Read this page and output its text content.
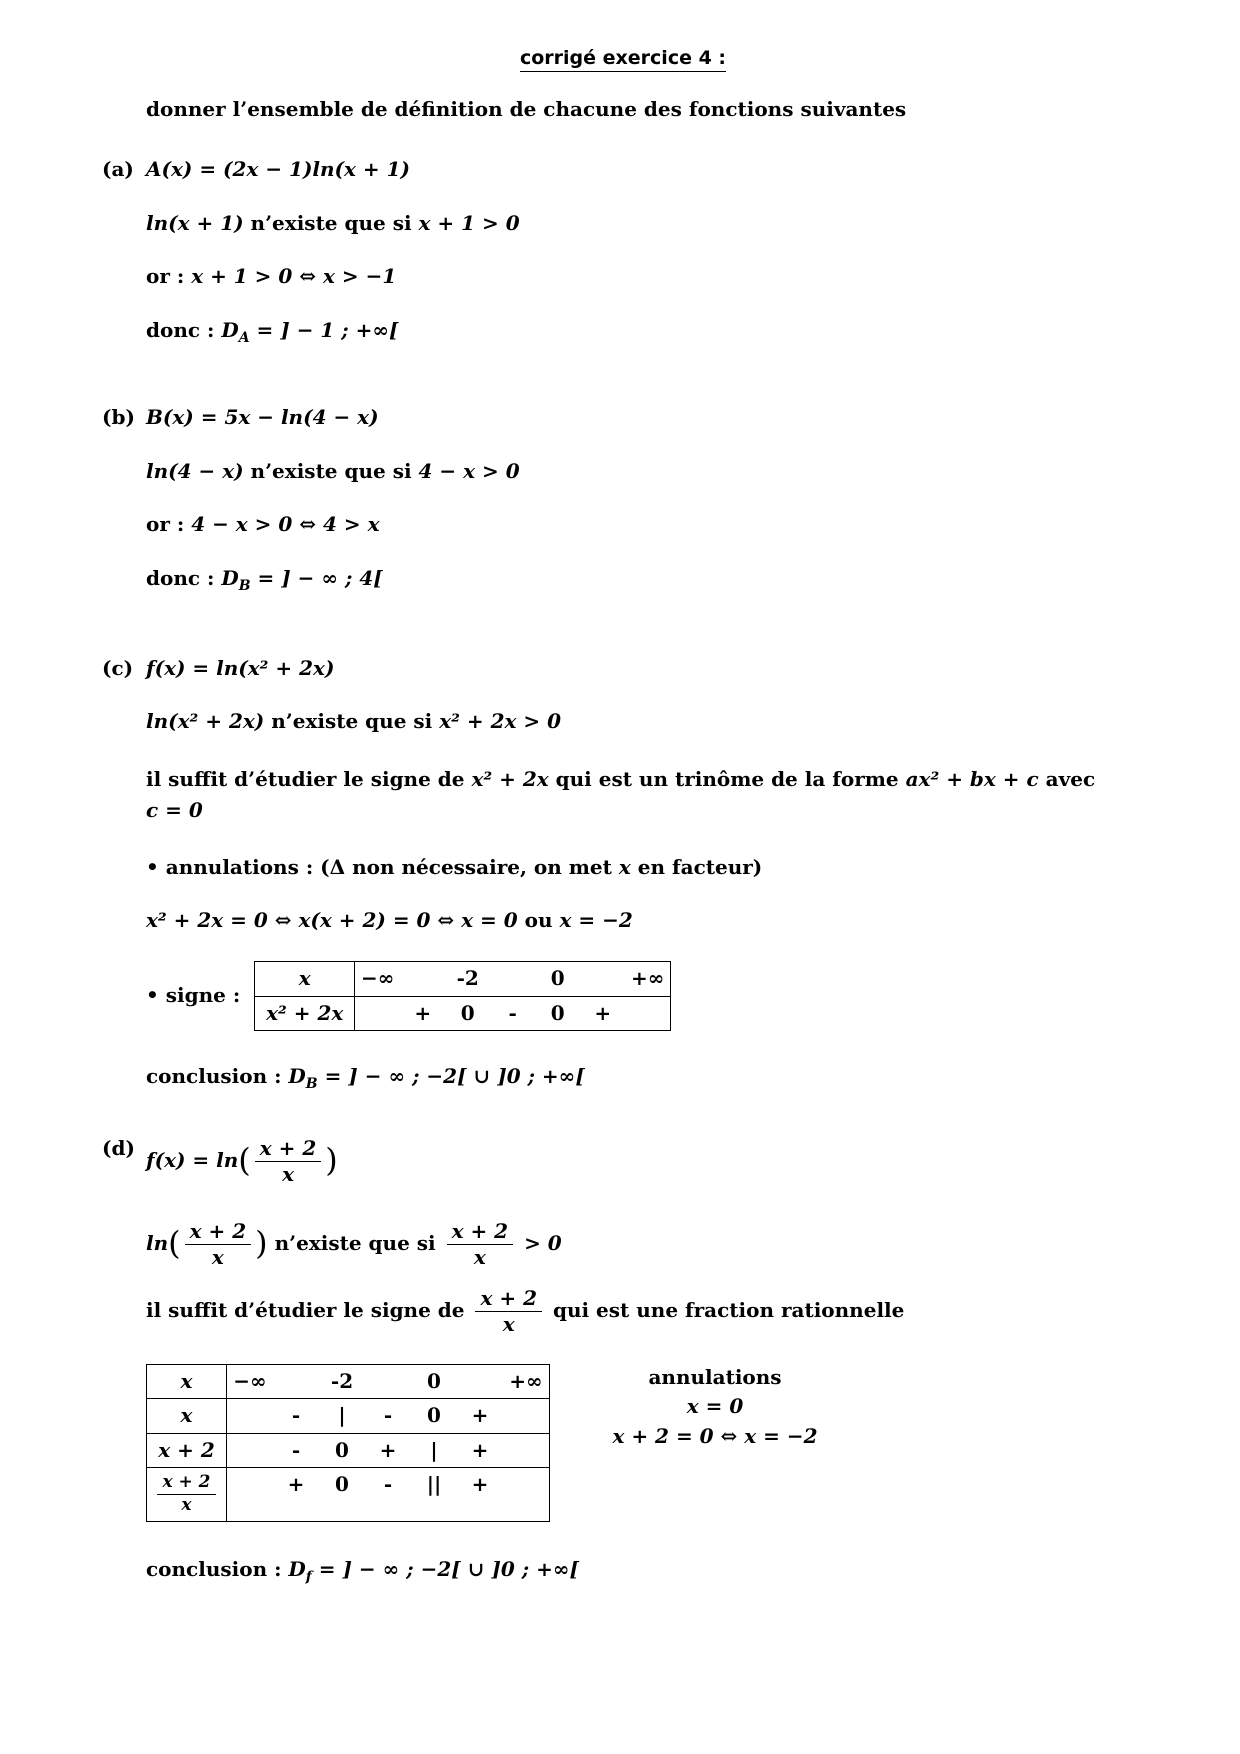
corrigé exercice 4 :

donner l’ensemble de définition de chacune des fonctions suivantes

(a) A(x) = (2x − 1)ln(x + 1)

ln(x + 1) n’existe que si x + 1 > 0

or : x + 1 > 0 ⇔ x > −1

donc : $D_A$ = ] − 1 ; +∞[

(b) B(x) = 5x − ln(4 − x)

ln(4 − x) n’existe que si 4 − x > 0

or : 4 − x > 0 ⇔ 4 > x

donc : $D_B$ = ] − ∞ ; 4[

(c) f(x) = ln(x² + 2x)

ln(x² + 2x) n’existe que si x² + 2x > 0

il suffit d’étudier le signe de x² + 2x qui est un trinôme de la forme ax² + bx + c avec
c = 0

• annulations : (Δ non nécessaire, on met x en facteur)

x² + 2x = 0 ⇔ x(x + 2) = 0 ⇔ x = 0 ou x = −2

• signe :
x	−∞	-2	0	+∞
x² + 2x	+	0	-	0	+

conclusion : $D_B$ = ] − ∞ ; −2[ ∪ ]0 ; +∞[

(d) $f(x) = \ln( \frac{x + 2}{x}$ )

$\ln( \frac{x + 2}{x}$ ) n’existe que si $\frac{x + 2}{x} > 0$

il suffit d’étudier le signe de $\frac{x + 2}{x}$ qui est une fraction rationnelle

x	−∞	-2	0	+∞
x	-	|	-	0	+
x + 2	-	0	+	|	+
$\frac{x + 2}{x}$	+	0	-	||	+

annulations

x = 0

x + 2 = 0 ⇔ x = −2

conclusion : $D_f$ = ] − ∞ ; −2[ ∪ ]0 ; +∞[
